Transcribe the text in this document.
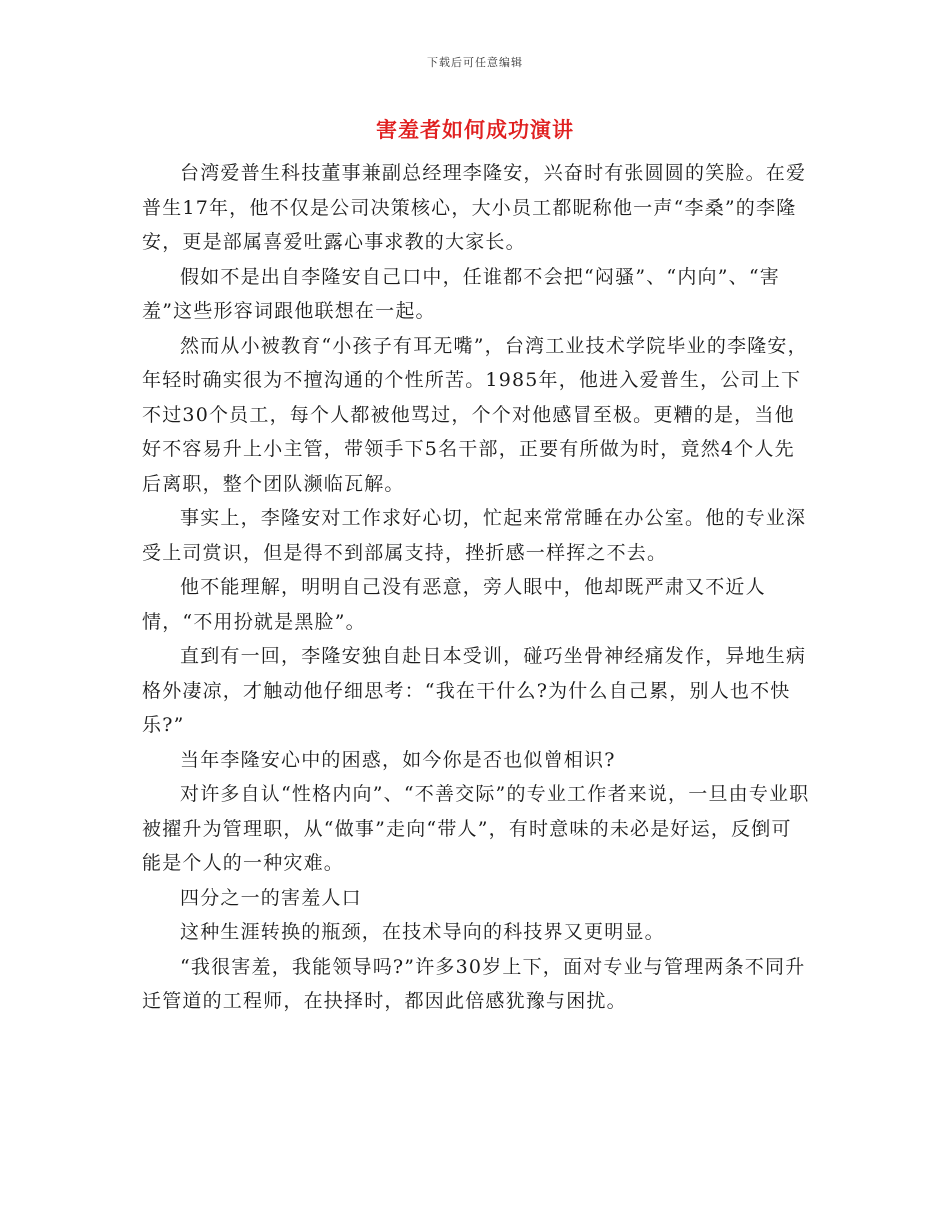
下载后可任意编辑
害羞者如何成功演讲

台湾爱普生科技董事兼副总经理李隆安，兴奋时有张圆圆的笑脸。在爱普生17年，他不仅是公司决策核心，大小员工都昵称他一声“李桑”的李隆安，更是部属喜爱吐露心事求教的大家长。

假如不是出自李隆安自己口中，任谁都不会把“闷骚”、“内向”、“害羞”这些形容词跟他联想在一起。

然而从小被教育“小孩子有耳无嘴”，台湾工业技术学院毕业的李隆安，年轻时确实很为不擅沟通的个性所苦。1985年，他进入爱普生，公司上下不过30个员工，每个人都被他骂过，个个对他感冒至极。更糟的是，当他好不容易升上小主管，带领手下5名干部，正要有所做为时，竟然4个人先后离职，整个团队濒临瓦解。

事实上，李隆安对工作求好心切，忙起来常常睡在办公室。他的专业深受上司赏识，但是得不到部属支持，挫折感一样挥之不去。

他不能理解，明明自己没有恶意，旁人眼中，他却既严肃又不近人情，“不用扮就是黑脸”。

直到有一回，李隆安独自赴日本受训，碰巧坐骨神经痛发作，异地生病格外凄凉，才触动他仔细思考：“我在干什么?为什么自己累，别人也不快乐?”

当年李隆安心中的困惑，如今你是否也似曾相识?

对许多自认“性格内向”、“不善交际”的专业工作者来说，一旦由专业职被擢升为管理职，从“做事”走向“带人”，有时意味的未必是好运，反倒可能是个人的一种灾难。

四分之一的害羞人口

这种生涯转换的瓶颈，在技术导向的科技界又更明显。

“我很害羞，我能领导吗?”许多30岁上下，面对专业与管理两条不同升迁管道的工程师，在抉择时，都因此倍感犹豫与困扰。
